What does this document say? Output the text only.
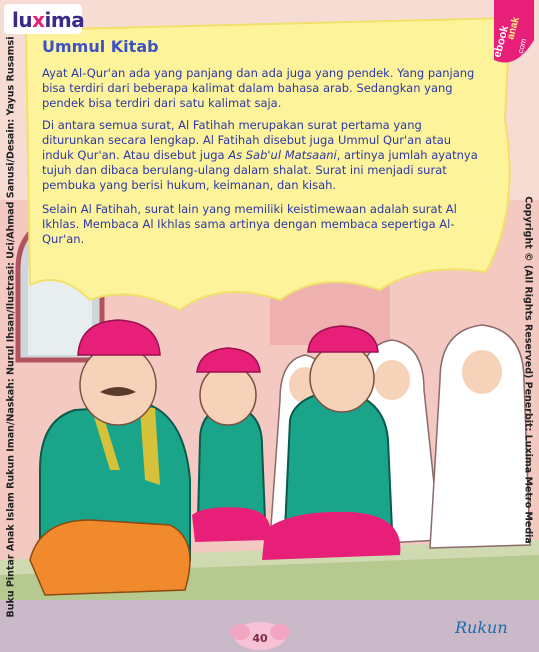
luxima
ebook
anak
.com
Buku Pintar Anak Islam Rukun Iman/Naskah: Nurul Ihsan/Ilustrasi: Uci/Ahmad Sanusi/Desain: Yayus Rusamsi	Copyright © (All Rights Reserved) Penerbit: Luxima Metro Media
Ummul Kitab

Ayat Al-Qur'an ada yang panjang dan ada juga yang pendek. Yang panjang bisa terdiri dari beberapa kalimat dalam bahasa arab. Sedangkan yang pendek bisa terdiri dari satu kalimat saja.

Di antara semua surat, Al Fatihah merupakan surat pertama yang diturunkan secara lengkap. Al Fatihah disebut juga Ummul Qur'an atau induk Qur'an. Atau disebut juga As Sab'ul Matsaani, artinya jumlah ayatnya tujuh dan dibaca berulang-ulang dalam shalat. Surat ini menjadi surat pembuka yang berisi hukum, keimanan, dan kisah.

Selain Al Fatihah, surat lain yang memiliki keistimewaan adalah surat Al Ikhlas. Membaca Al Ikhlas sama artinya dengan membaca sepertiga Al-Qur'an.

40
Rukun
